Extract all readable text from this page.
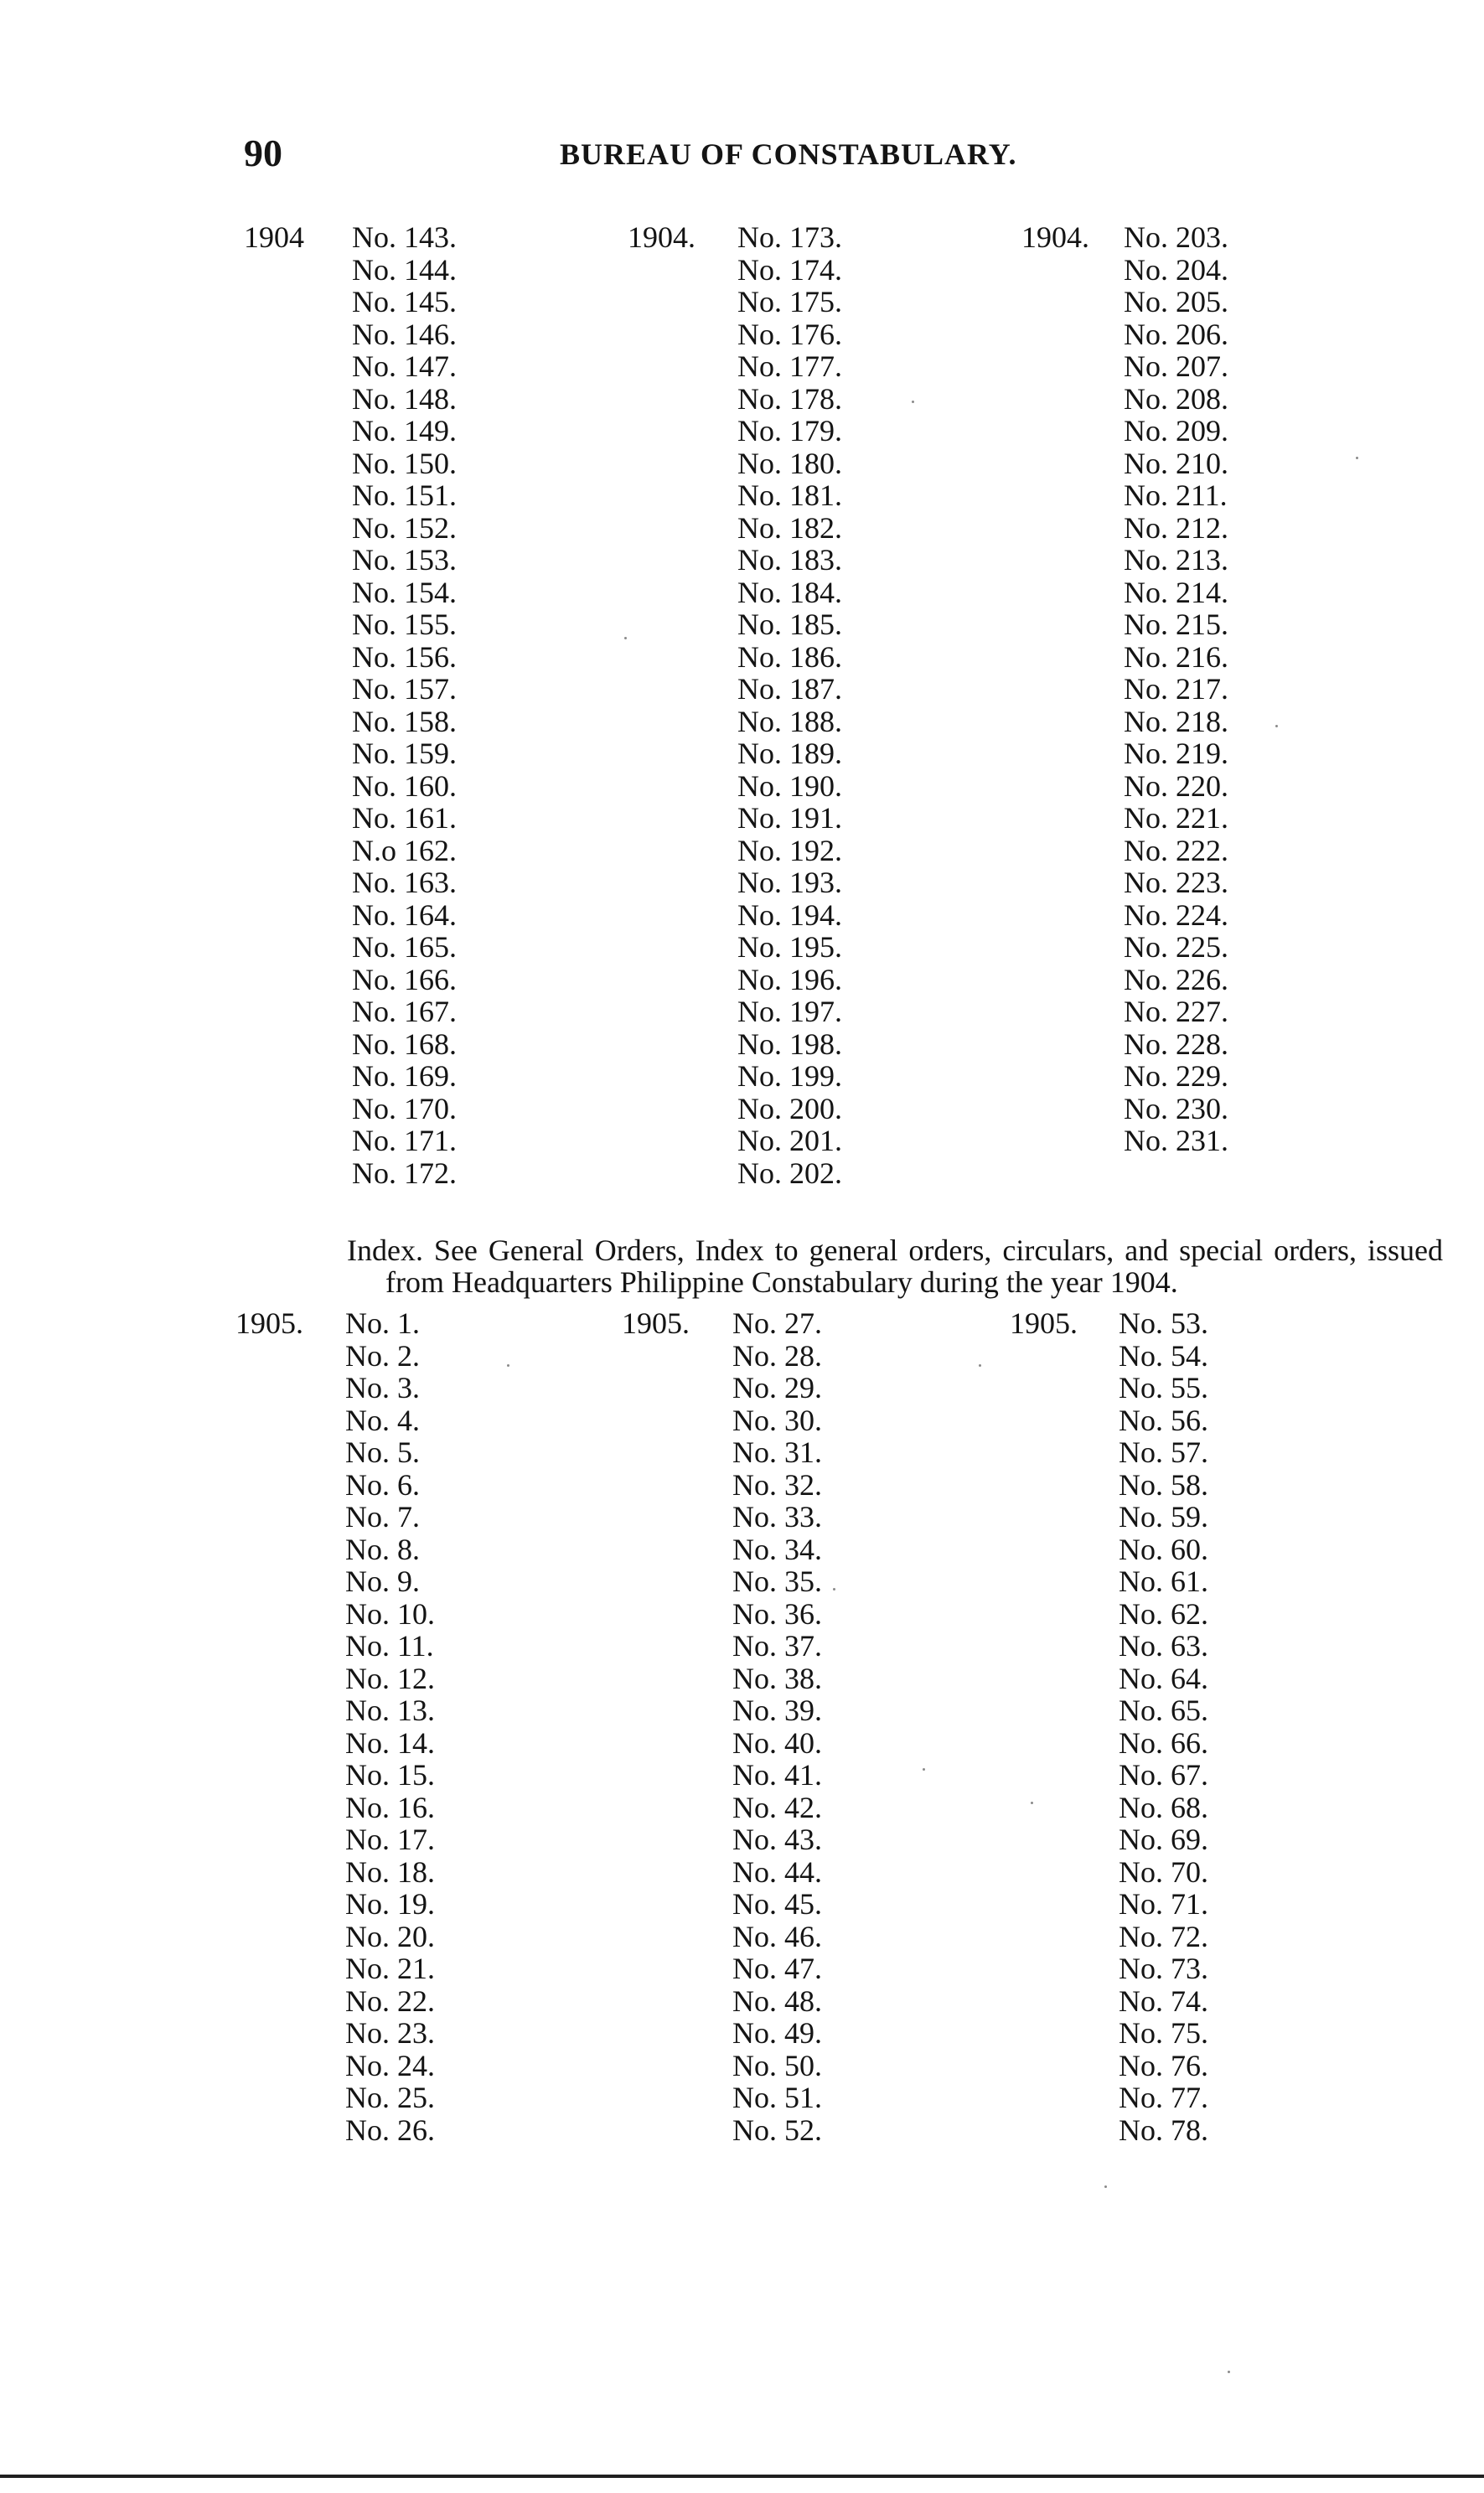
90	BUREAU OF CONSTABULARY.
1904 No. 143.
No. 144.
No. 145.
No. 146.
No. 147.
No. 148.
No. 149.
No. 150.
No. 151.
No. 152.
No. 153.
No. 154.
No. 155.
No. 156.
No. 157.
No. 158.
No. 159.
No. 160.
No. 161.
N.o 162.
No. 163.
No. 164.
No. 165.
No. 166.
No. 167.
No. 168.
No. 169.
No. 170.
No. 171.
No. 172.
1904. No. 173.
No. 174.
No. 175.
No. 176.
No. 177.
No. 178.
No. 179.
No. 180.
No. 181.
No. 182.
No. 183.
No. 184.
No. 185.
No. 186.
No. 187.
No. 188.
No. 189.
No. 190.
No. 191.
No. 192.
No. 193.
No. 194.
No. 195.
No. 196.
No. 197.
No. 198.
No. 199.
No. 200.
No. 201.
No. 202.
1904. No. 203.
No. 204.
No. 205.
No. 206.
No. 207.
No. 208.
No. 209.
No. 210.
No. 211.
No. 212.
No. 213.
No. 214.
No. 215.
No. 216.
No. 217.
No. 218.
No. 219.
No. 220.
No. 221.
No. 222.
No. 223.
No. 224.
No. 225.
No. 226.
No. 227.
No. 228.
No. 229.
No. 230.
No. 231.

Index. See General Orders, Index to general orders, circulars, and special orders, issued from Headquarters Philippine Constabulary during the year 1904.

1905. No. 1.
No. 2.
No. 3.
No. 4.
No. 5.
No. 6.
No. 7.
No. 8.
No. 9.
No. 10.
No. 11.
No. 12.
No. 13.
No. 14.
No. 15.
No. 16.
No. 17.
No. 18.
No. 19.
No. 20.
No. 21.
No. 22.
No. 23.
No. 24.
No. 25.
No. 26.
1905. No. 27.
No. 28.
No. 29.
No. 30.
No. 31.
No. 32.
No. 33.
No. 34.
No. 35.
No. 36.
No. 37.
No. 38.
No. 39.
No. 40.
No. 41.
No. 42.
No. 43.
No. 44.
No. 45.
No. 46.
No. 47.
No. 48.
No. 49.
No. 50.
No. 51.
No. 52.
1905. No. 53.
No. 54.
No. 55.
No. 56.
No. 57.
No. 58.
No. 59.
No. 60.
No. 61.
No. 62.
No. 63.
No. 64.
No. 65.
No. 66.
No. 67.
No. 68.
No. 69.
No. 70.
No. 71.
No. 72.
No. 73.
No. 74.
No. 75.
No. 76.
No. 77.
No. 78.
